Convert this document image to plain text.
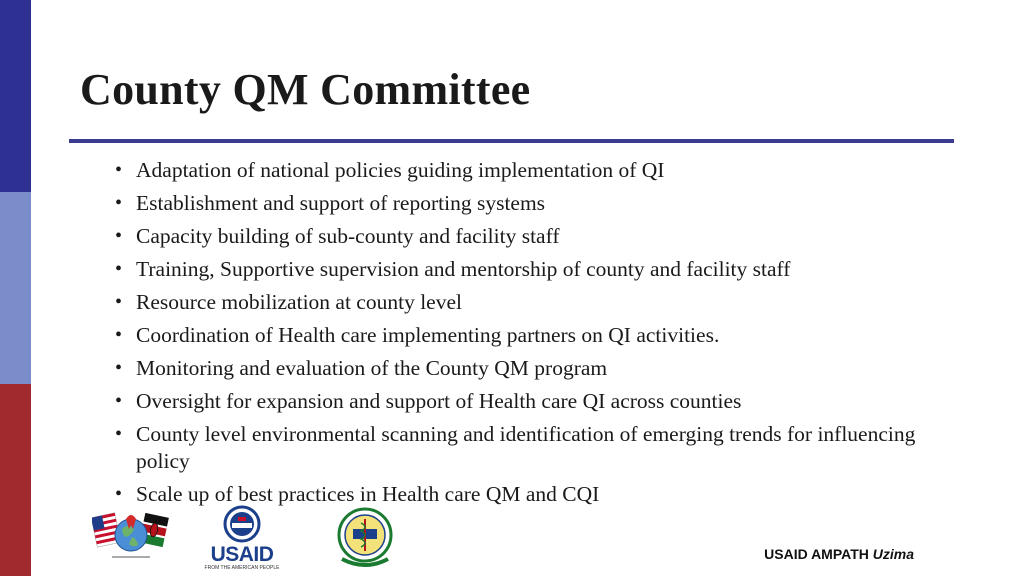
County QM Committee
• Adaptation of national policies guiding implementation of QI
• Establishment and support of reporting systems
• Capacity building of sub-county and facility staff
• Training, Supportive supervision and mentorship of county and facility staff
• Resource mobilization at county level
• Coordination of Health care implementing partners on QI activities.
• Monitoring and evaluation of the County QM program
• Oversight for expansion and support of Health care QI across counties
• County level environmental scanning and identification of emerging trends for influencing policy
• Scale up of best practices in Health care QM and CQI
USAID
FROM THE AMERICAN PEOPLE
USAID AMPATH Uzima
